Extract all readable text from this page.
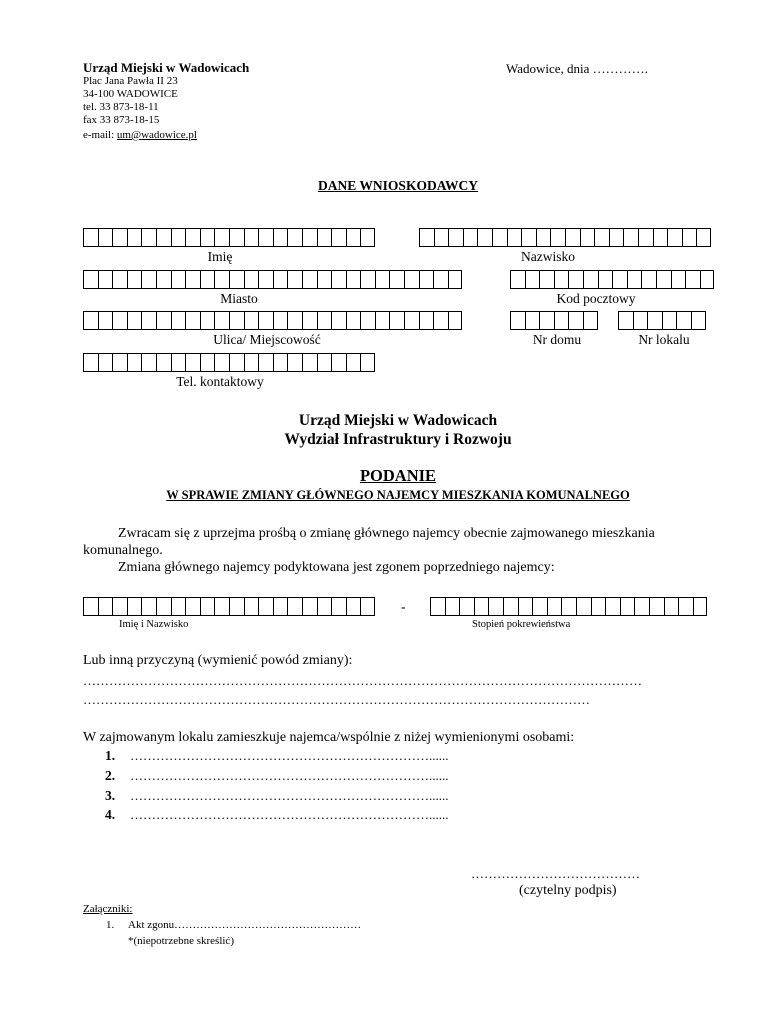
Urząd Miejski w Wadowicach
Plac Jana Pawła II 23
34-100 WADOWICE
tel. 33 873-18-11
fax 33 873-18-15
e-mail: um@wadowice.pl
Wadowice, dnia ………….
DANE WNIOSKODAWCY
Imię	Nazwisko
Miasto	Kod pocztowy
Ulica/ Miejscowość	Nr domu	Nr lokalu
Tel. kontaktowy
Urząd Miejski w Wadowicach
Wydział Infrastruktury i Rozwoju
PODANIE
W SPRAWIE ZMIANY GŁÓWNEGO NAJEMCY MIESZKANIA KOMUNALNEGO
Zwracam się z uprzejma prośbą o zmianę głównego najemcy obecnie zajmowanego mieszkania
komunalnego.
Zmiana głównego najemcy podyktowana jest zgonem poprzedniego najemcy:
-
Imię i Nazwisko	Stopień pokrewieństwa
Lub inną przyczyną (wymienić powód zmiany):
…………………………………………………………………………………………………………………
………………………………………………………………………………………………………
W zajmowanym lokalu zamieszkuje najemca/wspólnie z niżej wymienionymi osobami:
1. ……………………………………………………………......
2. ……………………………………………………………......
3. ……………………………………………………………......
4. ……………………………………………………………......
…………………………………
(czytelny podpis)
Załączniki:
1. Akt zgonu……………………………………………
*(niepotrzebne skreślić)
